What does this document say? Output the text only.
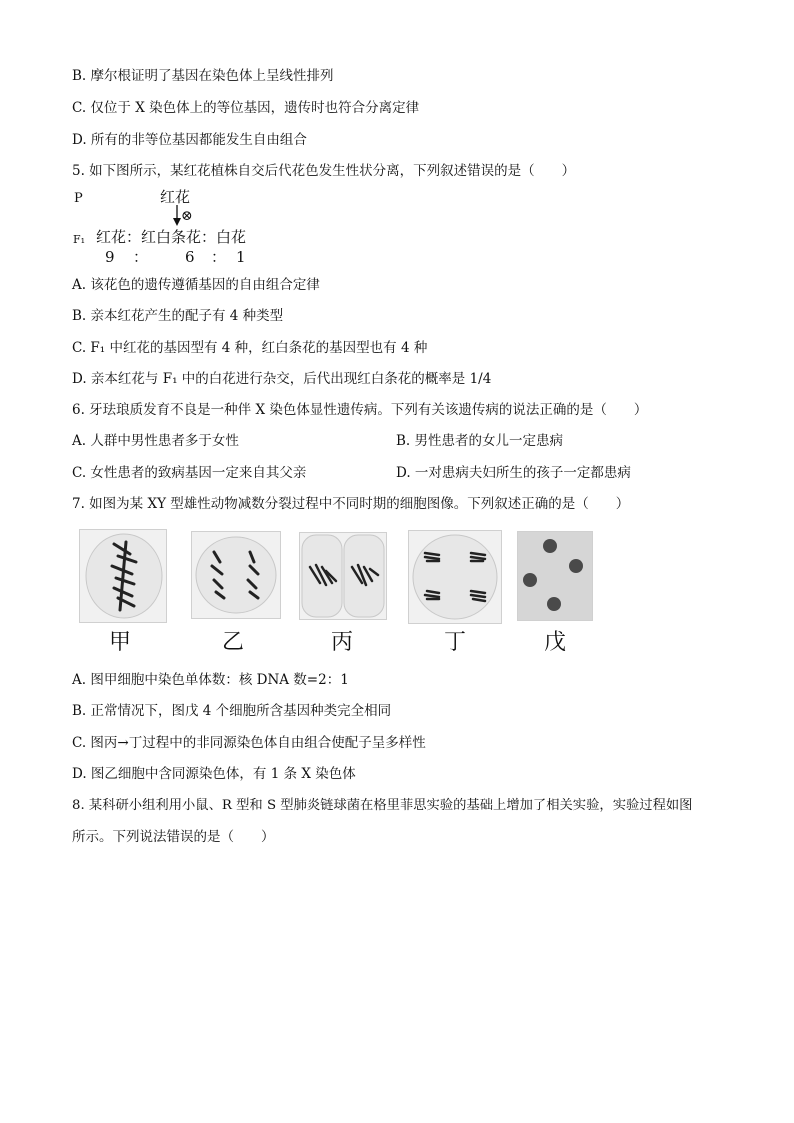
B. 摩尔根证明了基因在染色体上呈线性排列
C. 仅位于 X 染色体上的等位基因，遗传时也符合分离定律
D. 所有的非等位基因都能发生自由组合
5. 如下图所示，某红花植株自交后代花色发生性状分离，下列叙述错误的是（　　）
P	红花
⊗
F₁ 红花：红白条花：白花
9 ： 6 ： 1
A. 该花色的遗传遵循基因的自由组合定律
B. 亲本红花产生的配子有 4 种类型
C. F₁ 中红花的基因型有 4 种，红白条花的基因型也有 4 种
D. 亲本红花与 F₁ 中的白花进行杂交，后代出现红白条花的概率是 1/4
6. 牙珐琅质发育不良是一种伴 X 染色体显性遗传病。下列有关该遗传病的说法正确的是（　　）
A. 人群中男性患者多于女性	B. 男性患者的女儿一定患病
C. 女性患者的致病基因一定来自其父亲	D. 一对患病夫妇所生的孩子一定都患病
7. 如图为某 XY 型雄性动物减数分裂过程中不同时期的细胞图像。下列叙述正确的是（　　）
甲	乙	丙	丁	戊
A. 图甲细胞中染色单体数：核 DNA 数=2：1
B. 正常情况下，图戊 4 个细胞所含基因种类完全相同
C. 图丙→丁过程中的非同源染色体自由组合使配子呈多样性
D. 图乙细胞中含同源染色体，有 1 条 X 染色体
8. 某科研小组利用小鼠、R 型和 S 型肺炎链球菌在格里菲思实验的基础上增加了相关实验，实验过程如图
所示。下列说法错误的是（　　）
